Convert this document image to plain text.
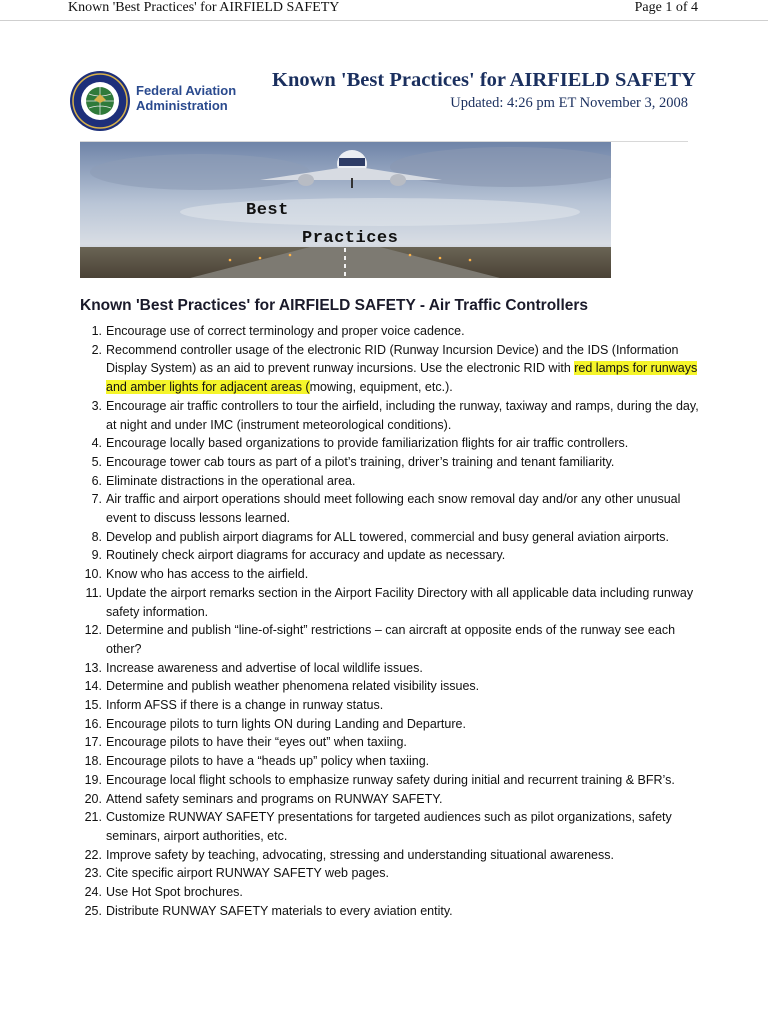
Known 'Best Practices' for AIRFIELD SAFETY	Page 1 of 4
Federal Aviation
Administration
Known 'Best Practices' for AIRFIELD SAFETY
Updated: 4:26 pm ET November 3, 2008
Best
Practices
Known 'Best Practices' for AIRFIELD SAFETY - Air Traffic Controllers
1. Encourage use of correct terminology and proper voice cadence.
2. Recommend controller usage of the electronic RID (Runway Incursion Device) and the IDS (Information Display System) as an aid to prevent runway incursions. Use the electronic RID with red lamps for runways and amber lights for adjacent areas (mowing, equipment, etc.).
3. Encourage air traffic controllers to tour the airfield, including the runway, taxiway and ramps, during the day, at night and under IMC (instrument meteorological conditions).
4. Encourage locally based organizations to provide familiarization flights for air traffic controllers.
5. Encourage tower cab tours as part of a pilot’s training, driver’s training and tenant familiarity.
6. Eliminate distractions in the operational area.
7. Air traffic and airport operations should meet following each snow removal day and/or any other unusual event to discuss lessons learned.
8. Develop and publish airport diagrams for ALL towered, commercial and busy general aviation airports.
9. Routinely check airport diagrams for accuracy and update as necessary.
10. Know who has access to the airfield.
11. Update the airport remarks section in the Airport Facility Directory with all applicable data including runway safety information.
12. Determine and publish “line-of-sight” restrictions – can aircraft at opposite ends of the runway see each other?
13. Increase awareness and advertise of local wildlife issues.
14. Determine and publish weather phenomena related visibility issues.
15. Inform AFSS if there is a change in runway status.
16. Encourage pilots to turn lights ON during Landing and Departure.
17. Encourage pilots to have their “eyes out” when taxiing.
18. Encourage pilots to have a “heads up” policy when taxiing.
19. Encourage local flight schools to emphasize runway safety during initial and recurrent training & BFR’s.
20. Attend safety seminars and programs on RUNWAY SAFETY.
21. Customize RUNWAY SAFETY presentations for targeted audiences such as pilot organizations, safety seminars, airport authorities, etc.
22. Improve safety by teaching, advocating, stressing and understanding situational awareness.
23. Cite specific airport RUNWAY SAFETY web pages.
24. Use Hot Spot brochures.
25. Distribute RUNWAY SAFETY materials to every aviation entity.
